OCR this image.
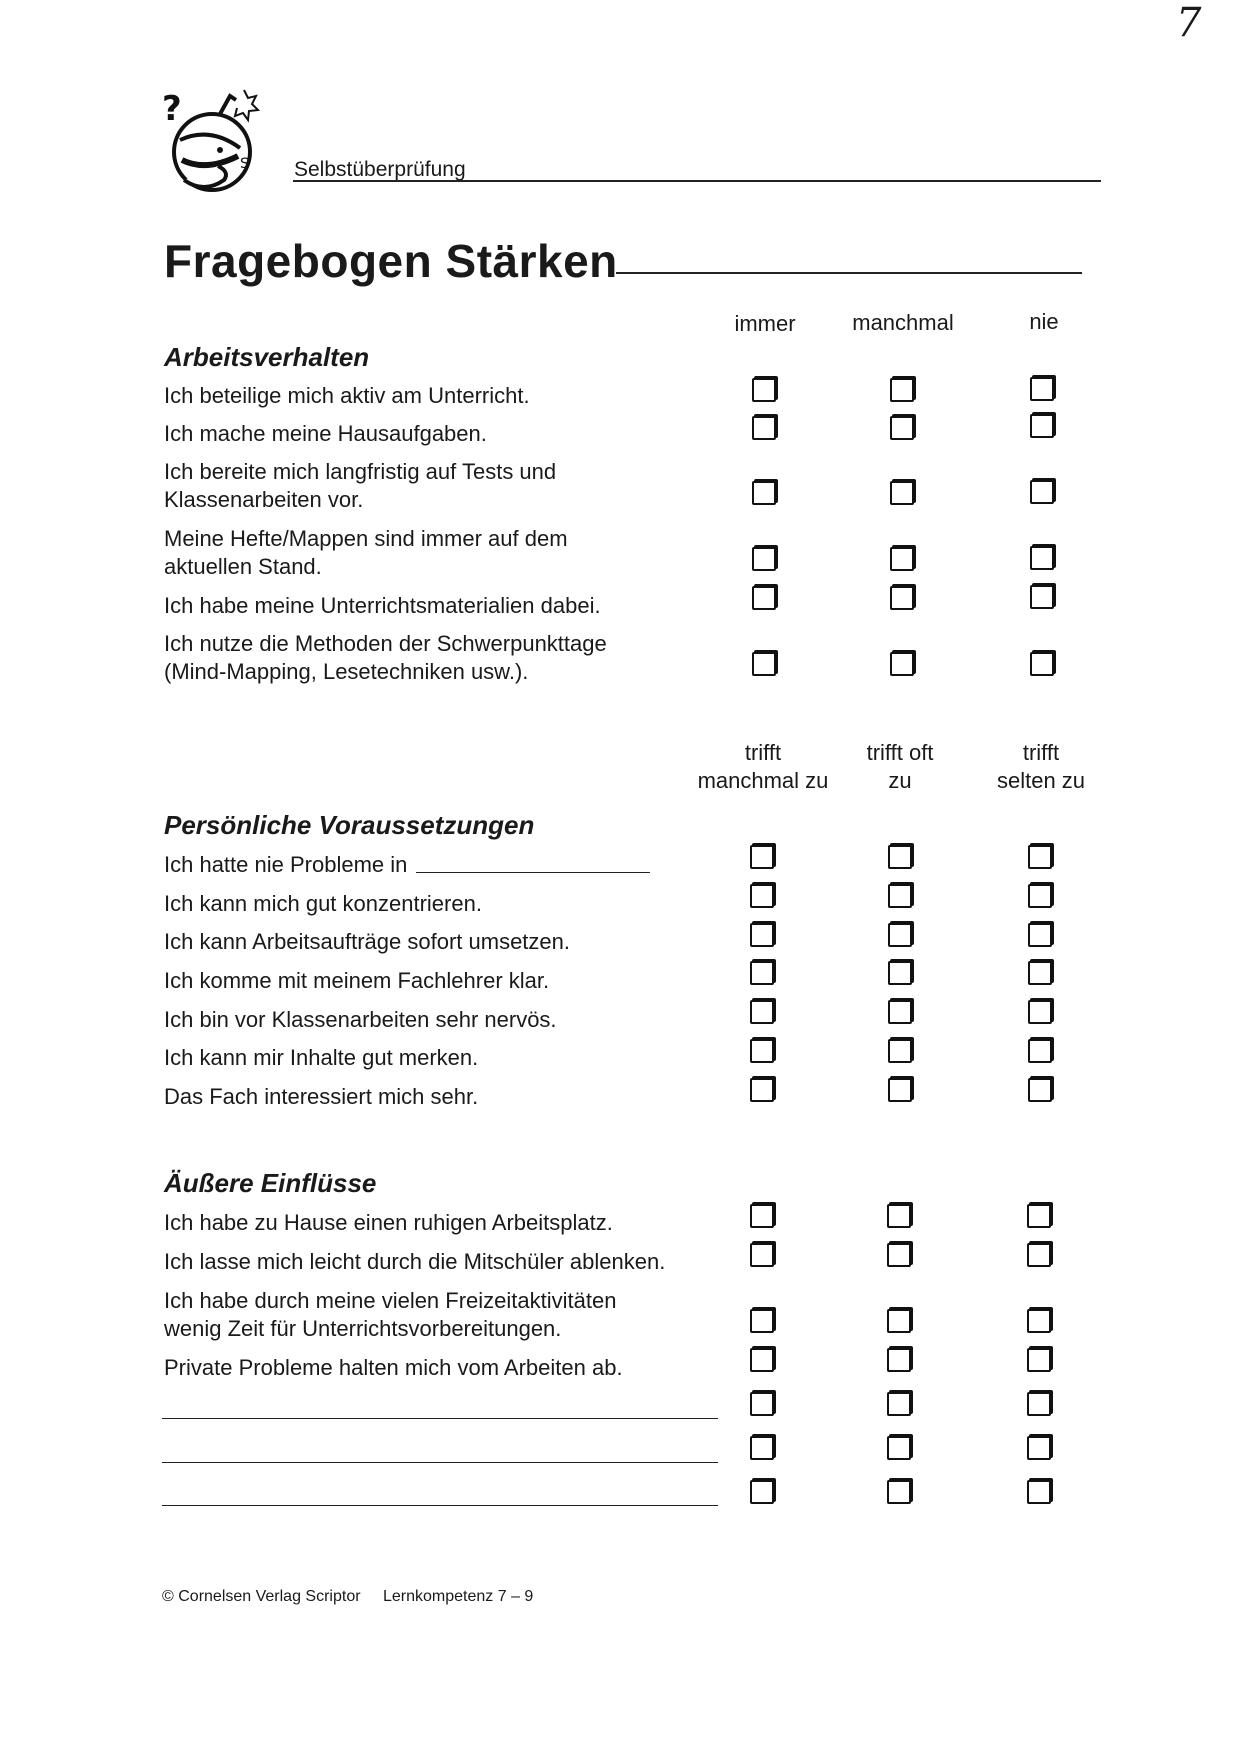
7
?
S Selbstüberprüfung
Fragebogen Stärken
immer	manchmal	nie
Arbeitsverhalten
Ich beteilige mich aktiv am Unterricht.
Ich mache meine Hausaufgaben.
Ich bereite mich langfristig auf Tests und
Klassenarbeiten vor.
Meine Hefte/Mappen sind immer auf dem
aktuellen Stand.
Ich habe meine Unterrichtsmaterialien dabei.
Ich nutze die Methoden der Schwerpunkttage
(Mind-Mapping, Lesetechniken usw.).
trifft
manchmal zu
trifft oft
zu
trifft
selten zu
Persönliche Voraussetzungen
Ich hatte nie Probleme in
Ich kann mich gut konzentrieren.
Ich kann Arbeitsaufträge sofort umsetzen.
Ich komme mit meinem Fachlehrer klar.
Ich bin vor Klassenarbeiten sehr nervös.
Ich kann mir Inhalte gut merken.
Das Fach interessiert mich sehr.
Äußere Einflüsse
Ich habe zu Hause einen ruhigen Arbeitsplatz.
Ich lasse mich leicht durch die Mitschüler ablenken.
Ich habe durch meine vielen Freizeitaktivitäten
wenig Zeit für Unterrichtsvorbereitungen.
Private Probleme halten mich vom Arbeiten ab.
© Cornelsen Verlag Scriptor Lernkompetenz 7 – 9
